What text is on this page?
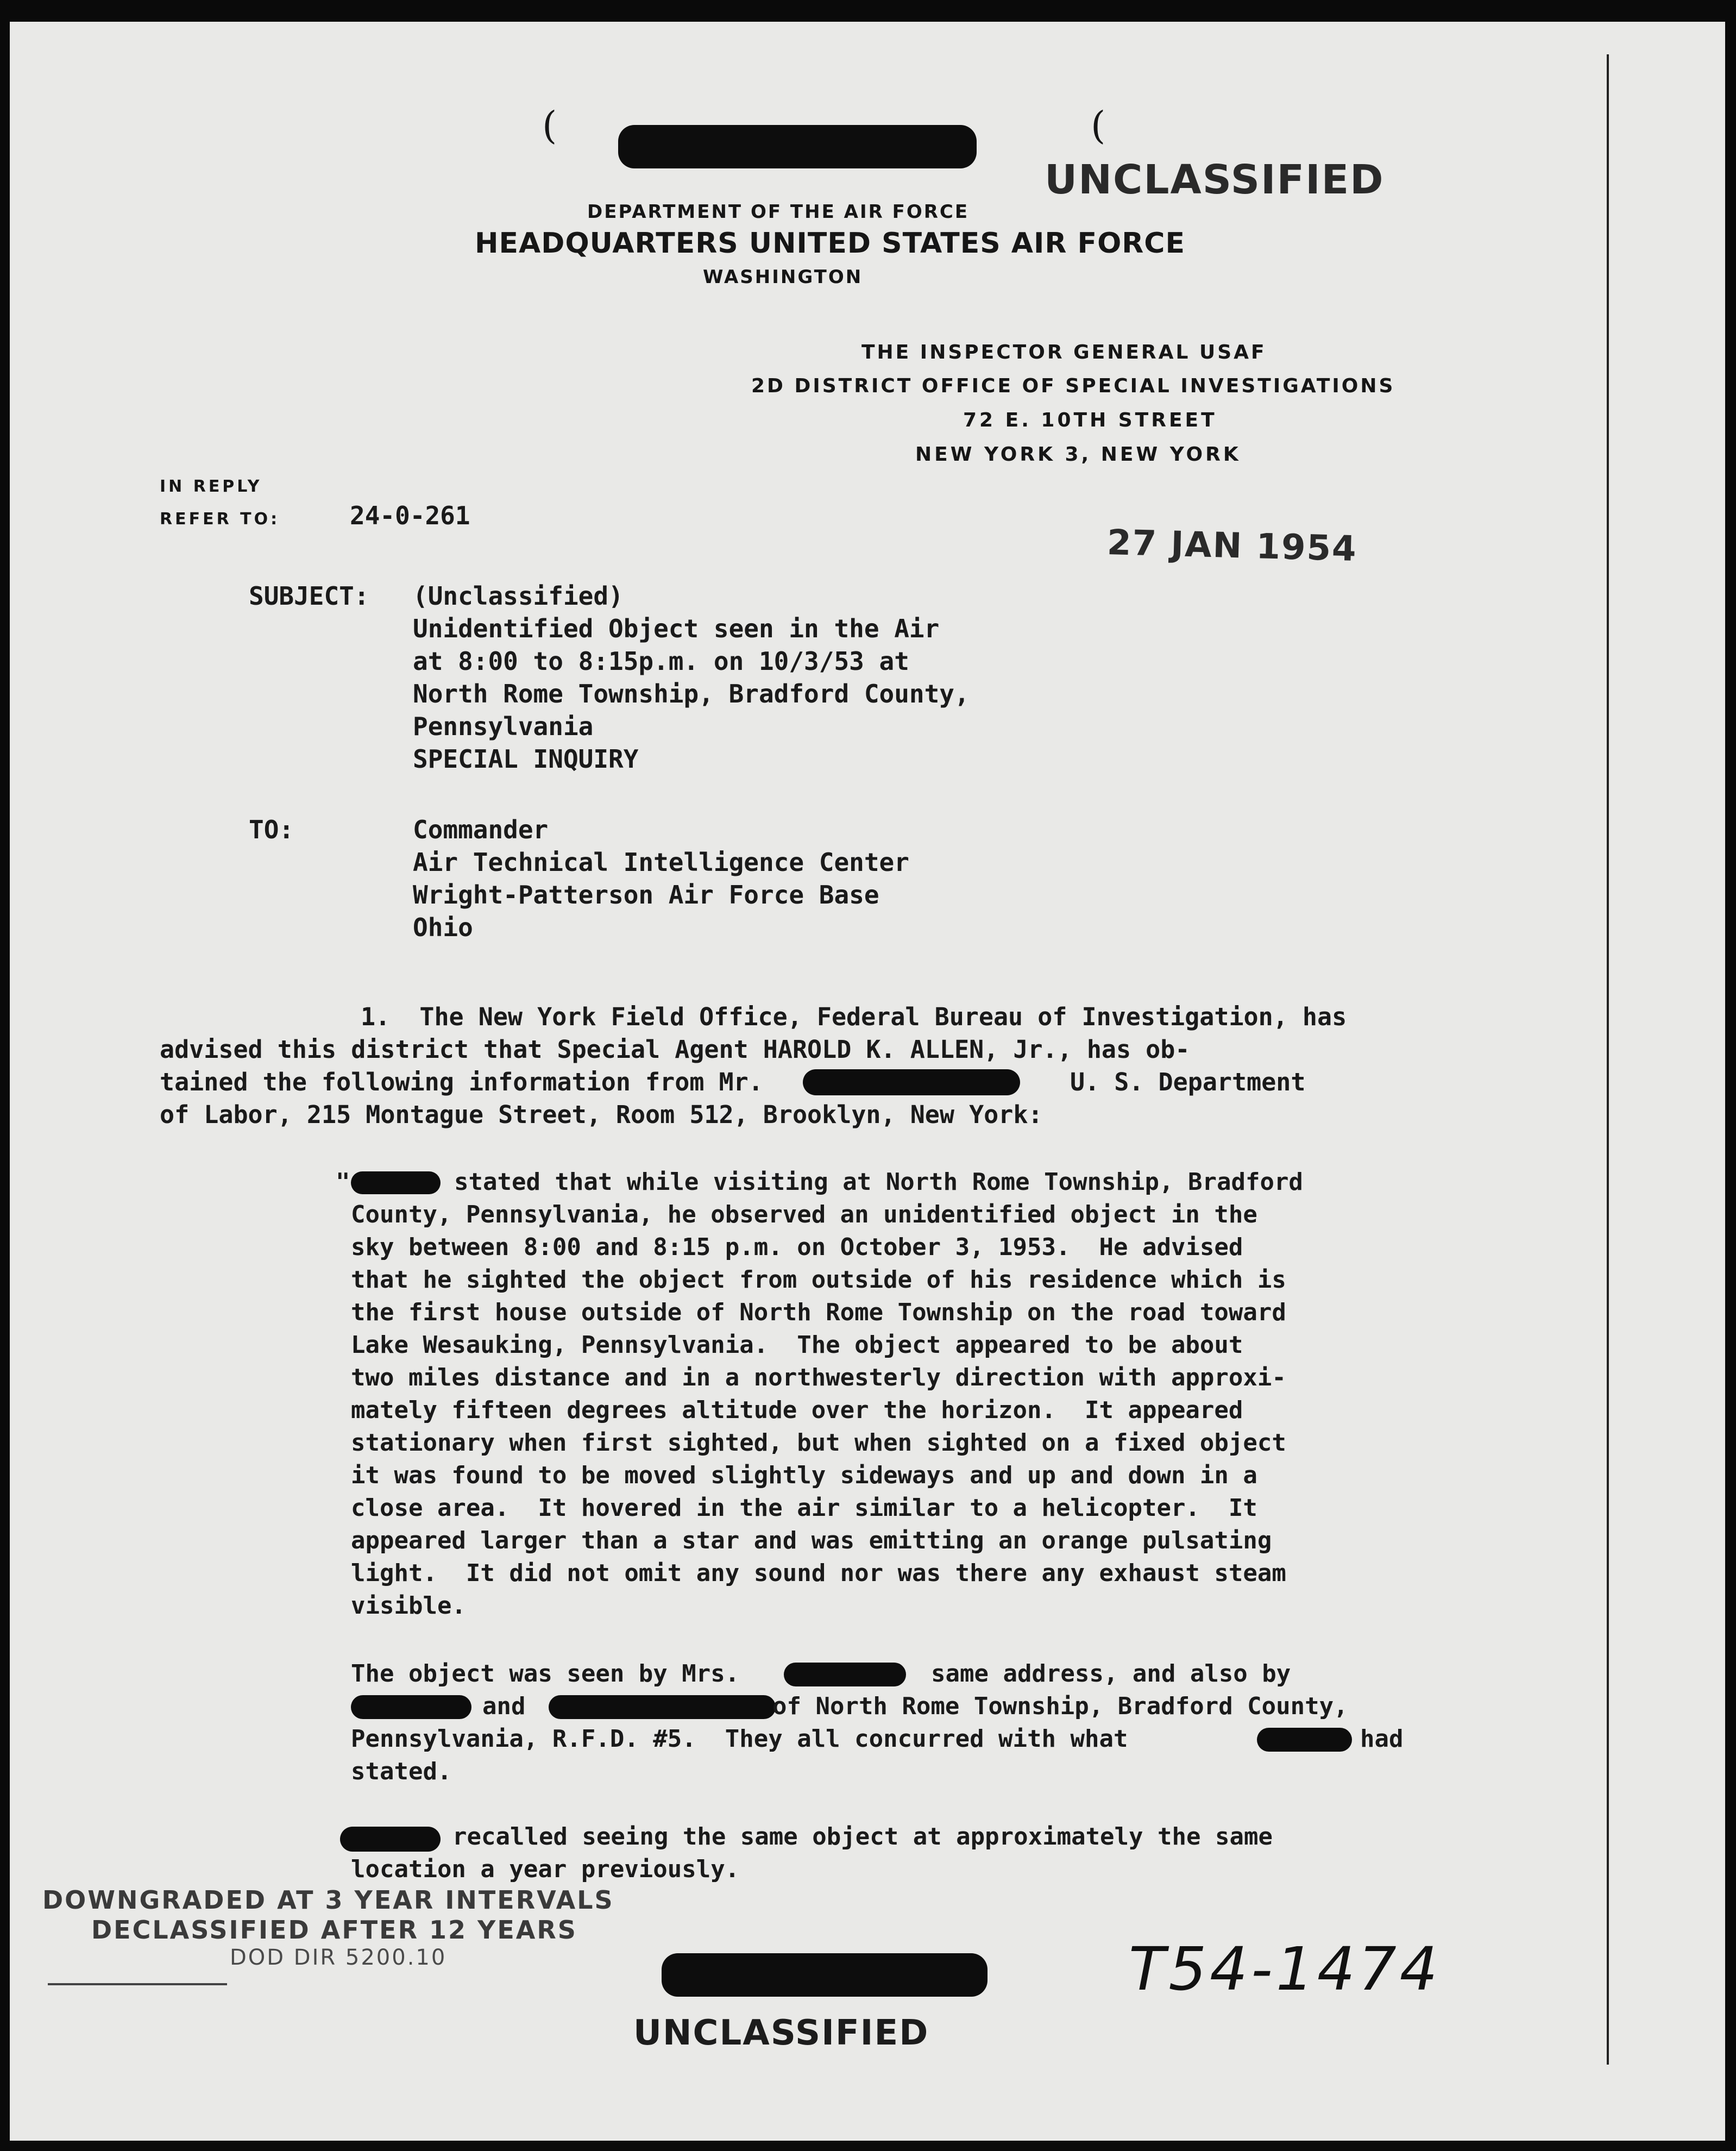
(	(
UNCLASSIFIED
DEPARTMENT OF THE AIR FORCE
HEADQUARTERS UNITED STATES AIR FORCE
WASHINGTON
THE INSPECTOR GENERAL USAF
2D DISTRICT OFFICE OF SPECIAL INVESTIGATIONS
72 E. 10TH STREET
NEW YORK 3, NEW YORK
IN REPLY
REFER TO:	24-0-261
27 JAN 1954
SUBJECT: (Unclassified)
Unidentified Object seen in the Air
at 8:00 to 8:15p.m. on 10/3/53 at
North Rome Township, Bradford County,
Pennsylvania
SPECIAL INQUIRY
TO:	Commander
Air Technical Intelligence Center
Wright-Patterson Air Force Base
Ohio
1.  The New York Field Office, Federal Bureau of Investigation, has
advised this district that Special Agent HAROLD K. ALLEN, Jr., has ob-
tained the following information from Mr.	U. S. Department
of Labor, 215 Montague Street, Room 512, Brooklyn, New York:
"	stated that while visiting at North Rome Township, Bradford
County, Pennsylvania, he observed an unidentified object in the
sky between 8:00 and 8:15 p.m. on October 3, 1953.  He advised
that he sighted the object from outside of his residence which is
the first house outside of North Rome Township on the road toward
Lake Wesauking, Pennsylvania.  The object appeared to be about
two miles distance and in a northwesterly direction with approxi-
mately fifteen degrees altitude over the horizon.  It appeared
stationary when first sighted, but when sighted on a fixed object
it was found to be moved slightly sideways and up and down in a
close area.  It hovered in the air similar to a helicopter.  It
appeared larger than a star and was emitting an orange pulsating
light.  It did not omit any sound nor was there any exhaust steam
visible.
The object was seen by Mrs.	same address, and also by
and	of North Rome Township, Bradford County,
Pennsylvania, R.F.D. #5.  They all concurred with what	had
stated.
recalled seeing the same object at approximately the same
location a year previously.
DOWNGRADED AT 3 YEAR INTERVALS
DECLASSIFIED AFTER 12 YEARS
DOD DIR 5200.10	T54-1474
UNCLASSIFIED
